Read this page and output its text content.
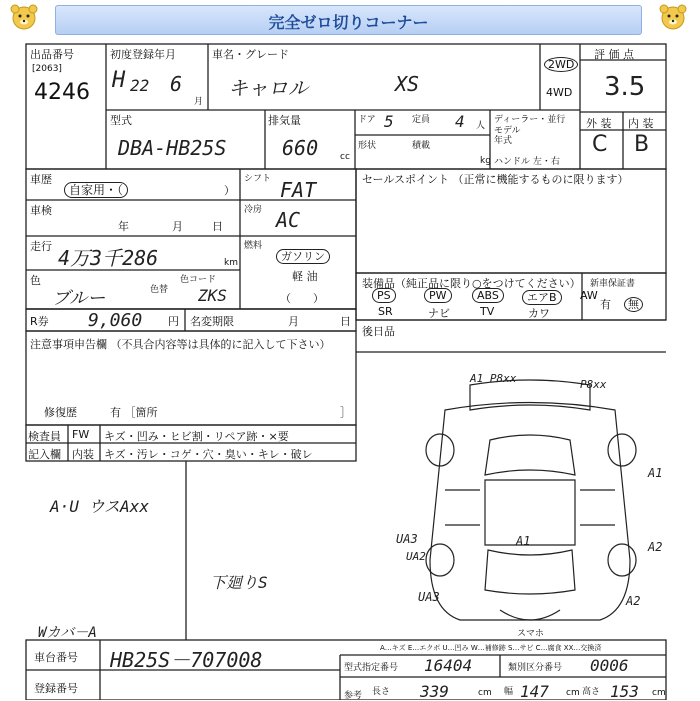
完全ゼロ切りコーナー
出品番号
[2063]
4246
初度登録年月
H 22 6
月
車名・グレード
キャロル	XS
2WD
4WD
評 価 点
3.5
型式
DBA-HB25S
排気量
660 cc
ドア 5 定員 4 人
形状	積載
kg
ディーラー・並行
モデル年式
ハンドル 左・右
外 装 内 装
C B
車歴
自家用・（	）
シフト FAT	セールスポイント （正常に機能するものに限ります）
車検
年	月	日
冷房 AC
走行 4万3千286	km
燃料
ガソリン
軽 油
（　　）
色
ブルー	色替
色コード
ZKS
装備品（純正品に限り○をつけてください）
PS	PW	ABS	エアB	AW
SR	ナビ	TV	カワ
新車保証書
有	無
R券 9,060 円 名変期限	月	日
後日品
注意事項申告欄 （不具合内容等は具体的に記入して下さい）
修復歴	有 ［箇所	］
検査員
記入欄
FW キズ・凹み・ヒビ割・リペア跡・×要
内装 キズ・汚レ・コゲ・穴・臭い・キレ・破レ
A·U ウスAxx
下廻りS
Wカバ－A
A1 P8xx	P8xx
A1
UA3
UA2
A1	A2
UA3	A2
スマホ
A…キズ E…エクボ U…凹み W…補修跡 S…サビ C…腐食 XX…交換済
車台番号 HB25S－707008
登録番号
型式指定番号 16404	類別区分番号 0006
参考 長さ 339	cm 幅 147 cm 高さ 153 cm
